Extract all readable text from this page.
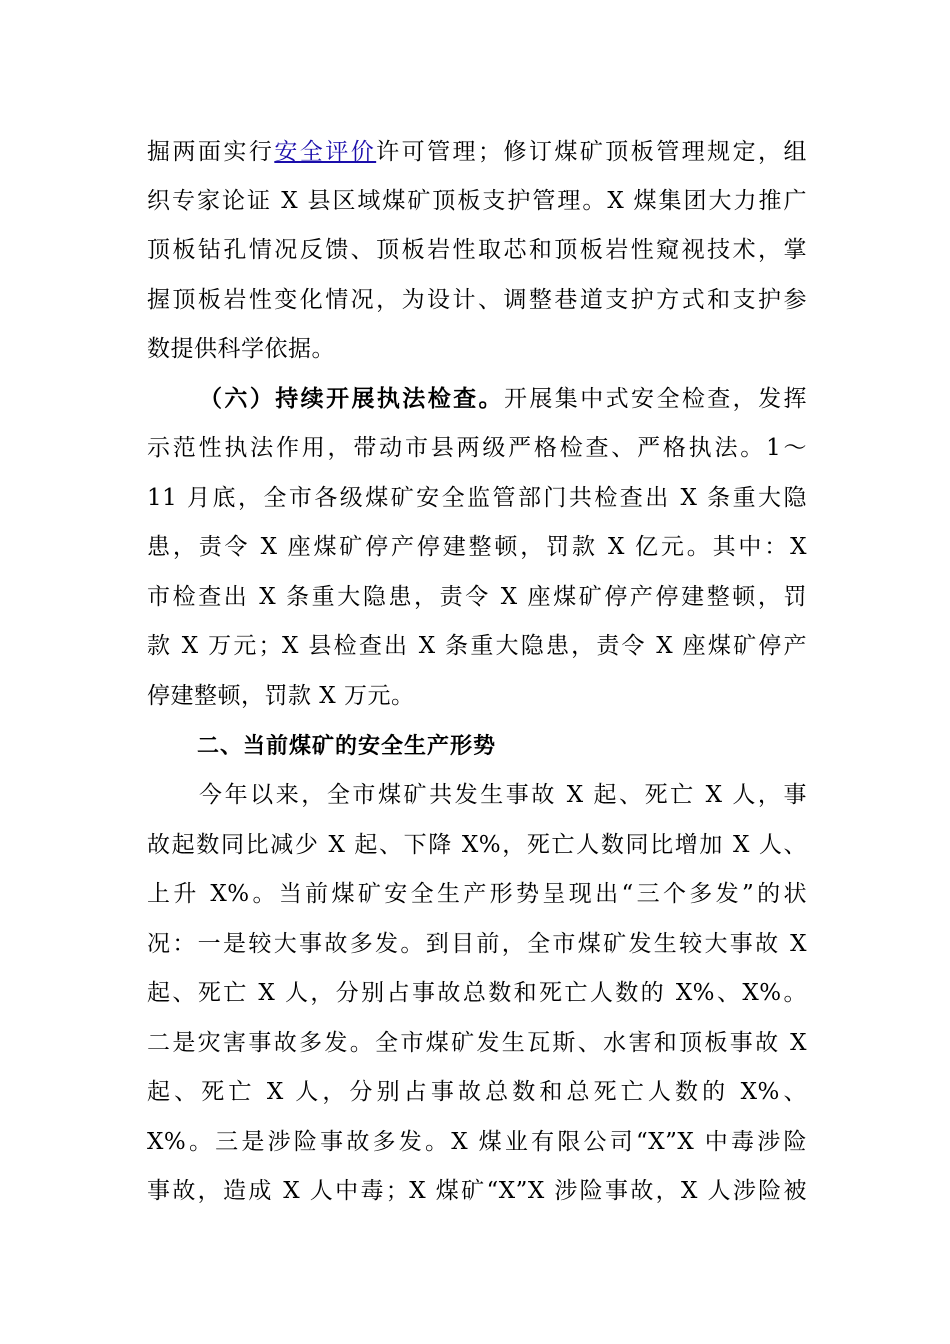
掘两面实行安全评价许可管理；修订煤矿顶板管理规定，组
织专家论证 X 县区域煤矿顶板支护管理。X 煤集团大力推广
顶板钻孔情况反馈、顶板岩性取芯和顶板岩性窥视技术，掌
握顶板岩性变化情况，为设计、调整巷道支护方式和支护参
数提供科学依据。
（六）持续开展执法检查。开展集中式安全检查，发挥
示范性执法作用，带动市县两级严格检查、严格执法。1～
11 月底，全市各级煤矿安全监管部门共检查出 X 条重大隐
患，责令 X 座煤矿停产停建整顿，罚款 X 亿元。其中：X
市检查出 X 条重大隐患，责令 X 座煤矿停产停建整顿，罚
款 X 万元；X 县检查出 X 条重大隐患，责令 X 座煤矿停产
停建整顿，罚款 X 万元。
二、当前煤矿的安全生产形势
今年以来，全市煤矿共发生事故 X 起、死亡 X 人，事
故起数同比减少 X 起、下降 X%，死亡人数同比增加 X 人、
上升 X%。当前煤矿安全生产形势呈现出“三个多发”的状
况：一是较大事故多发。到目前，全市煤矿发生较大事故 X
起、死亡 X 人，分别占事故总数和死亡人数的 X%、X%。
二是灾害事故多发。全市煤矿发生瓦斯、水害和顶板事故 X
起、死亡 X 人，分别占事故总数和总死亡人数的 X%、
X%。三是涉险事故多发。X 煤业有限公司“X”X 中毒涉险
事故，造成 X 人中毒；X 煤矿“X”X 涉险事故，X 人涉险被
